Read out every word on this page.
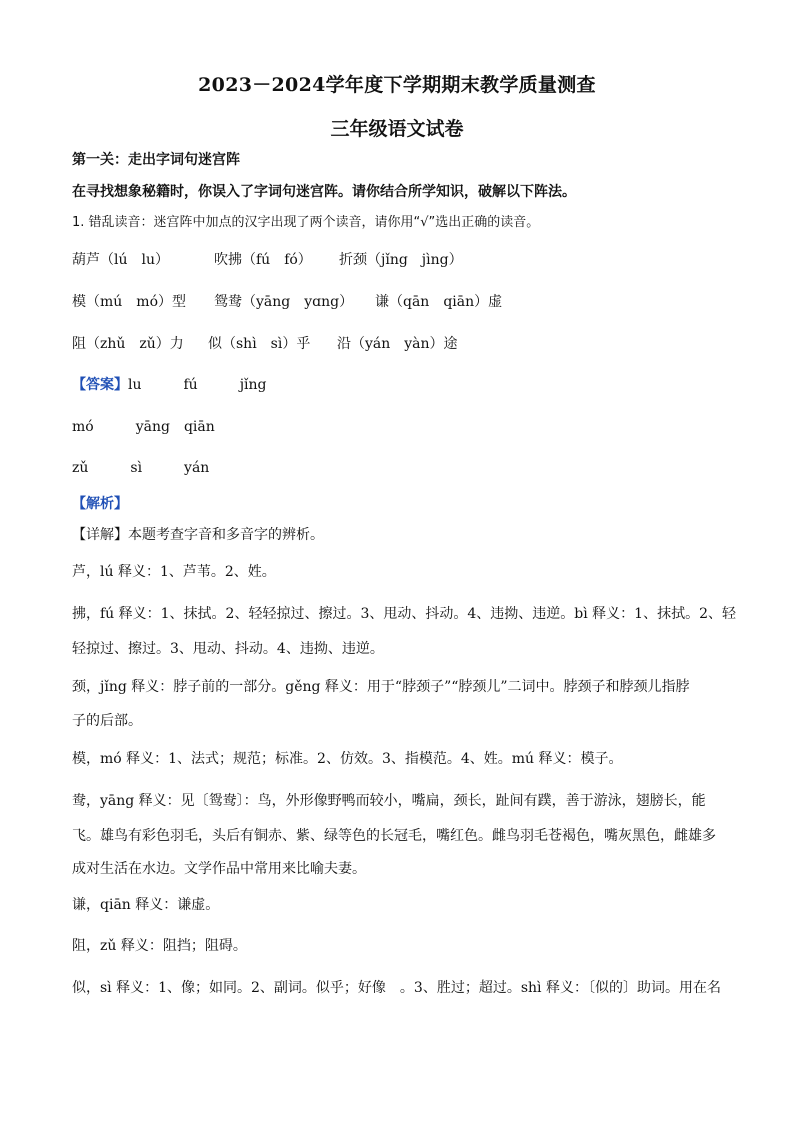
2023－2024学年度下学期期末教学质量测查
三年级语文试卷
第一关：走出字词句迷宫阵
在寻找想象秘籍时，你误入了字词句迷宫阵。请你结合所学知识，破解以下阵法。
1. 错乱读音：迷宫阵中加点的汉字出现了两个读音，请你用“√”选出正确的读音。
葫芦（lú　lu）	吹拂（fú　fó） 折颈（jǐng　jìng）
模（mú　mó）型 鸳鸯（yāng　yɑng） 谦（qān　qiān）虚
阻（zhǔ　zǔ）力 似（shì　sì）乎 沿（yán　yàn）途
【答案】lu　　　fú　　　jǐng
mó　　　yāng　qiān
zǔ　　　sì　　　yán
【解析】
【详解】本题考查字音和多音字的辨析。
芦，lú 释义：1、芦苇。2、姓。
拂，fú 释义：1、抹拭。2、轻轻掠过、擦过。3、甩动、抖动。4、违拗、违逆。bì 释义：1、抹拭。2、轻
轻掠过、擦过。3、甩动、抖动。4、违拗、违逆。
颈，jǐng 释义：脖子前的一部分。gěng 释义：用于“脖颈子”“脖颈儿”二词中。脖颈子和脖颈儿指脖
子的后部。
模，mó 释义：1、法式；规范；标准。2、仿效。3、指模范。4、姓。mú 释义：模子。
鸯，yāng 释义：见〔鸳鸯〕：鸟，外形像野鸭而较小，嘴扁，颈长，趾间有蹼，善于游泳，翅膀长，能
飞。雄鸟有彩色羽毛，头后有铜赤、紫、绿等色的长冠毛，嘴红色。雌鸟羽毛苍褐色，嘴灰黑色，雌雄多
成对生活在水边。文学作品中常用来比喻夫妻。
谦，qiān 释义：谦虚。
阻，zǔ 释义：阻挡；阻碍。
似，sì 释义：1、像；如同。2、副词。似乎；好像　。3、胜过；超过。shì 释义：〔似的〕助词。用在名
